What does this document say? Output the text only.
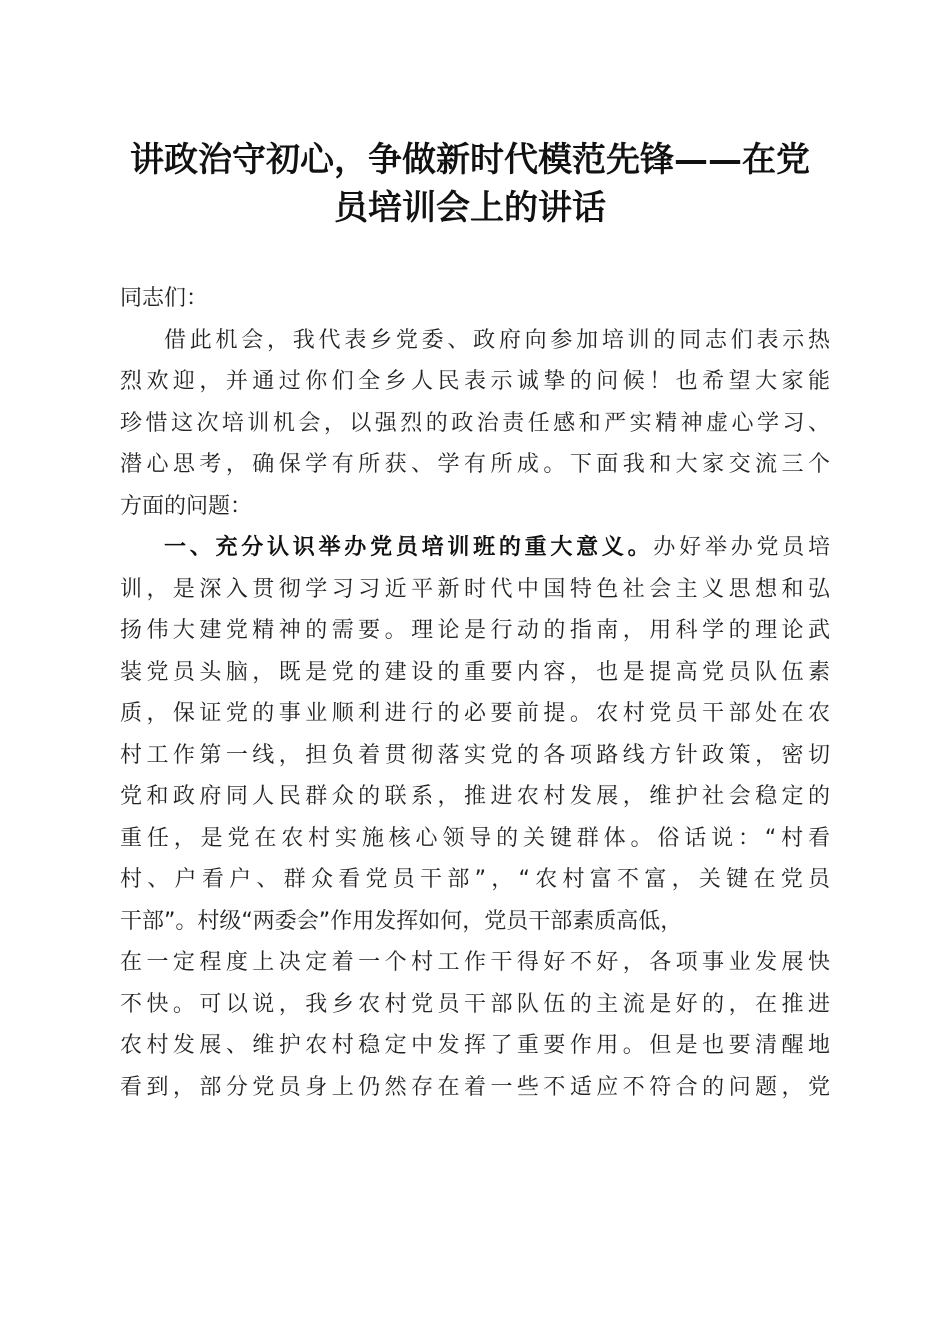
讲政治守初心，争做新时代模范先锋——在党
员培训会上的讲话
同志们：
借此机会，我代表乡党委、政府向参加培训的同志们表示热
烈欢迎，并通过你们全乡人民表示诚挚的问候！也希望大家能
珍惜这次培训机会，以强烈的政治责任感和严实精神虚心学习、
潜心思考，确保学有所获、学有所成。下面我和大家交流三个
方面的问题：
一、充分认识举办党员培训班的重大意义。办好举办党员培
训，是深入贯彻学习习近平新时代中国特色社会主义思想和弘
扬伟大建党精神的需要。理论是行动的指南，用科学的理论武
装党员头脑，既是党的建设的重要内容，也是提高党员队伍素
质，保证党的事业顺利进行的必要前提。农村党员干部处在农
村工作第一线，担负着贯彻落实党的各项路线方针政策，密切
党和政府同人民群众的联系，推进农村发展，维护社会稳定的
重任，是党在农村实施核心领导的关键群体。俗话说：“村看
村、户看户、群众看党员干部”，“农村富不富，关键在党员
干部”。村级“两委会”作用发挥如何，党员干部素质高低，
在一定程度上决定着一个村工作干得好不好，各项事业发展快
不快。可以说，我乡农村党员干部队伍的主流是好的，在推进
农村发展、维护农村稳定中发挥了重要作用。但是也要清醒地
看到，部分党员身上仍然存在着一些不适应不符合的问题，党
